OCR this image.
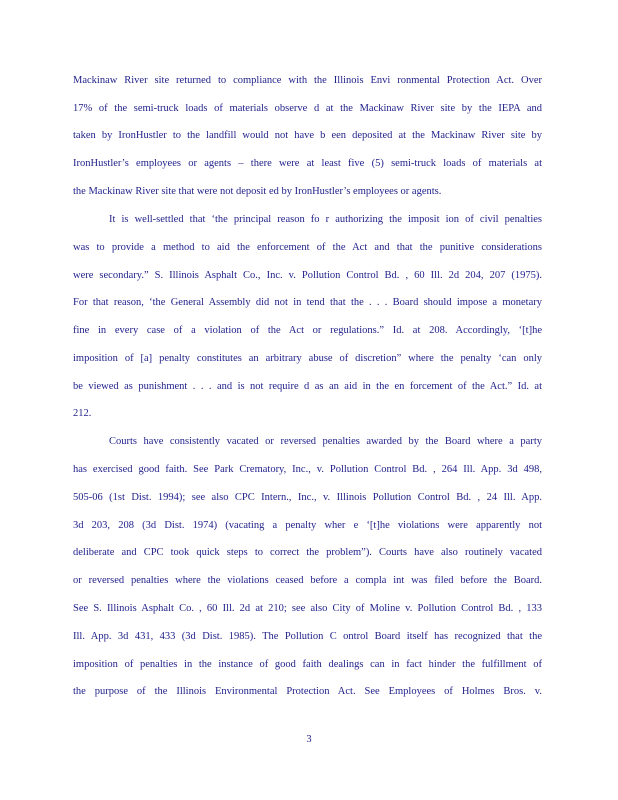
Mackinaw River site returned to compliance with the Illinois Envi ronmental Protection Act. Over
17% of the semi-truck loads of materials observe d at the Mackinaw River site by the IEPA and
taken by IronHustler to the landfill would not have b een deposited at the Mackinaw River site by
IronHustler’s employees or agents – there were at least five (5) semi-truck loads of materials at
the Mackinaw River site that were not deposit ed by IronHustler’s employees or agents.
It is well-settled that ‘the principal reason fo r authorizing the imposit ion of civil penalties
was to provide a method to aid the enforcement of the Act and that the punitive considerations
were secondary.” S. Illinois Asphalt Co., Inc. v. Pollution Control Bd. , 60 Ill. 2d 204, 207 (1975).
For that reason, ‘the General Assembly did not in tend that the . . . Board should impose a monetary
fine in every case of a violation of the Act or regulations.” Id. at 208. Accordingly, ‘[t]he
imposition of [a] penalty constitutes an arbitrary abuse of discretion” where the penalty ‘can only
be viewed as punishment . . . and is not require d as an aid in the en forcement of the Act.” Id. at
212.
Courts have consistently vacated or reversed penalties awarded by the Board where a party
has exercised good faith. See Park Crematory, Inc., v. Pollution Control Bd. , 264 Ill. App. 3d 498,
505-06 (1st Dist. 1994); see also CPC Intern., Inc., v. Illinois Pollution Control Bd. , 24 Ill. App.
3d 203, 208 (3d Dist. 1974) (vacating a penalty wher e ‘[t]he violations were apparently not
deliberate and CPC took quick steps to correct the problem”). Courts have also routinely vacated
or reversed penalties where the violations ceased before a compla int was filed before the Board.
See S. Illinois Asphalt Co. , 60 Ill. 2d at 210; see also City of Moline v. Pollution Control Bd. , 133
Ill. App. 3d 431, 433 (3d Dist. 1985). The Pollution C ontrol Board itself has recognized that the
imposition of penalties in the instance of good faith dealings can in fact hinder the fulfillment of
the purpose of the Illinois Environmental Protection Act. See Employees of Holmes Bros. v.
3
